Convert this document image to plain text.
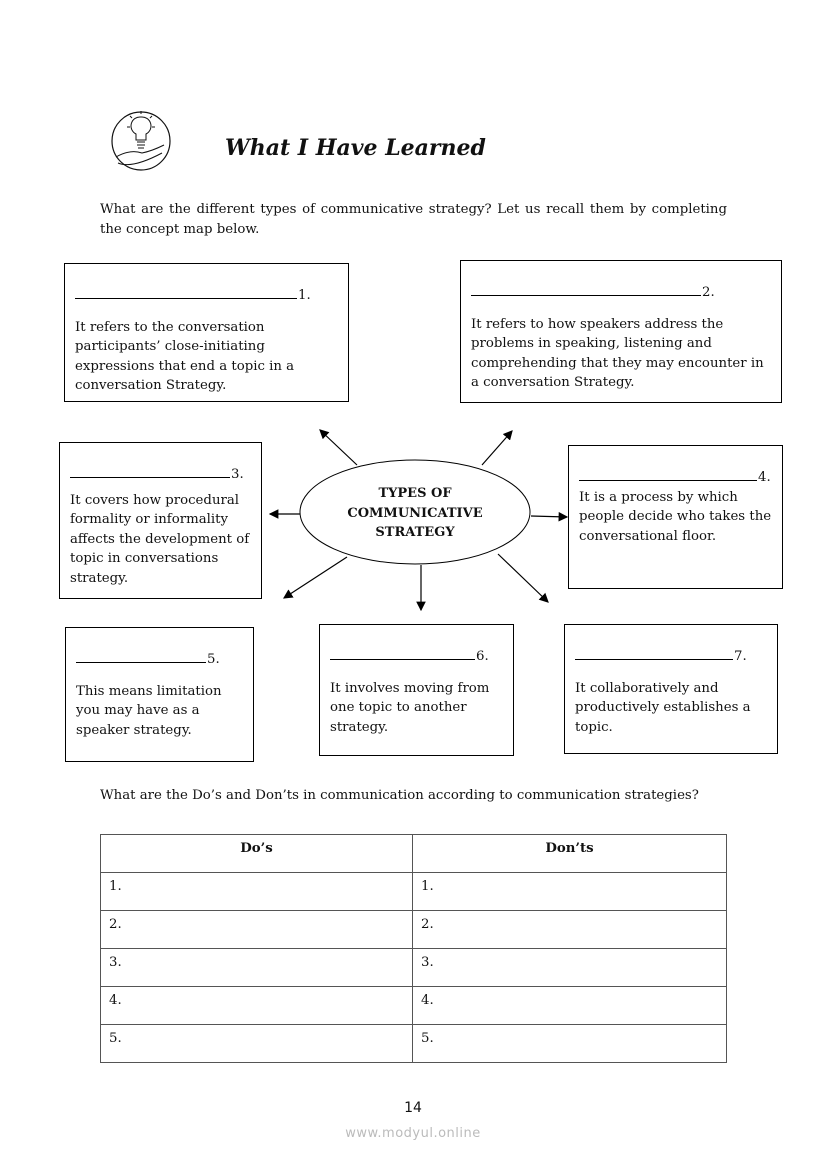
What I Have Learned
What are the different types of communicative strategy? Let us recall them by completing the concept map below.
1.
It refers to the conversation participants’ close-initiating expressions that end a topic in a conversation Strategy.
2.
It refers to how speakers address the problems in speaking, listening and comprehending that they may encounter in a conversation Strategy.
3.
It covers how procedural formality or informality affects the development of topic in conversations strategy.
4.
It is a process by which people decide who takes the conversational floor.
5.
This means limitation you may have as a speaker strategy.
6.
It involves moving from one topic to another strategy.
7.
It collaboratively and productively establishes a topic.
TYPES OF
COMMUNICATIVE
STRATEGY
What are the Do’s and Don’ts in communication according to communication strategies?
Do’s	Don’ts
1.	1.
2.	2.
3.	3.
4.	4.
5.	5.
14
www.modyul.online
